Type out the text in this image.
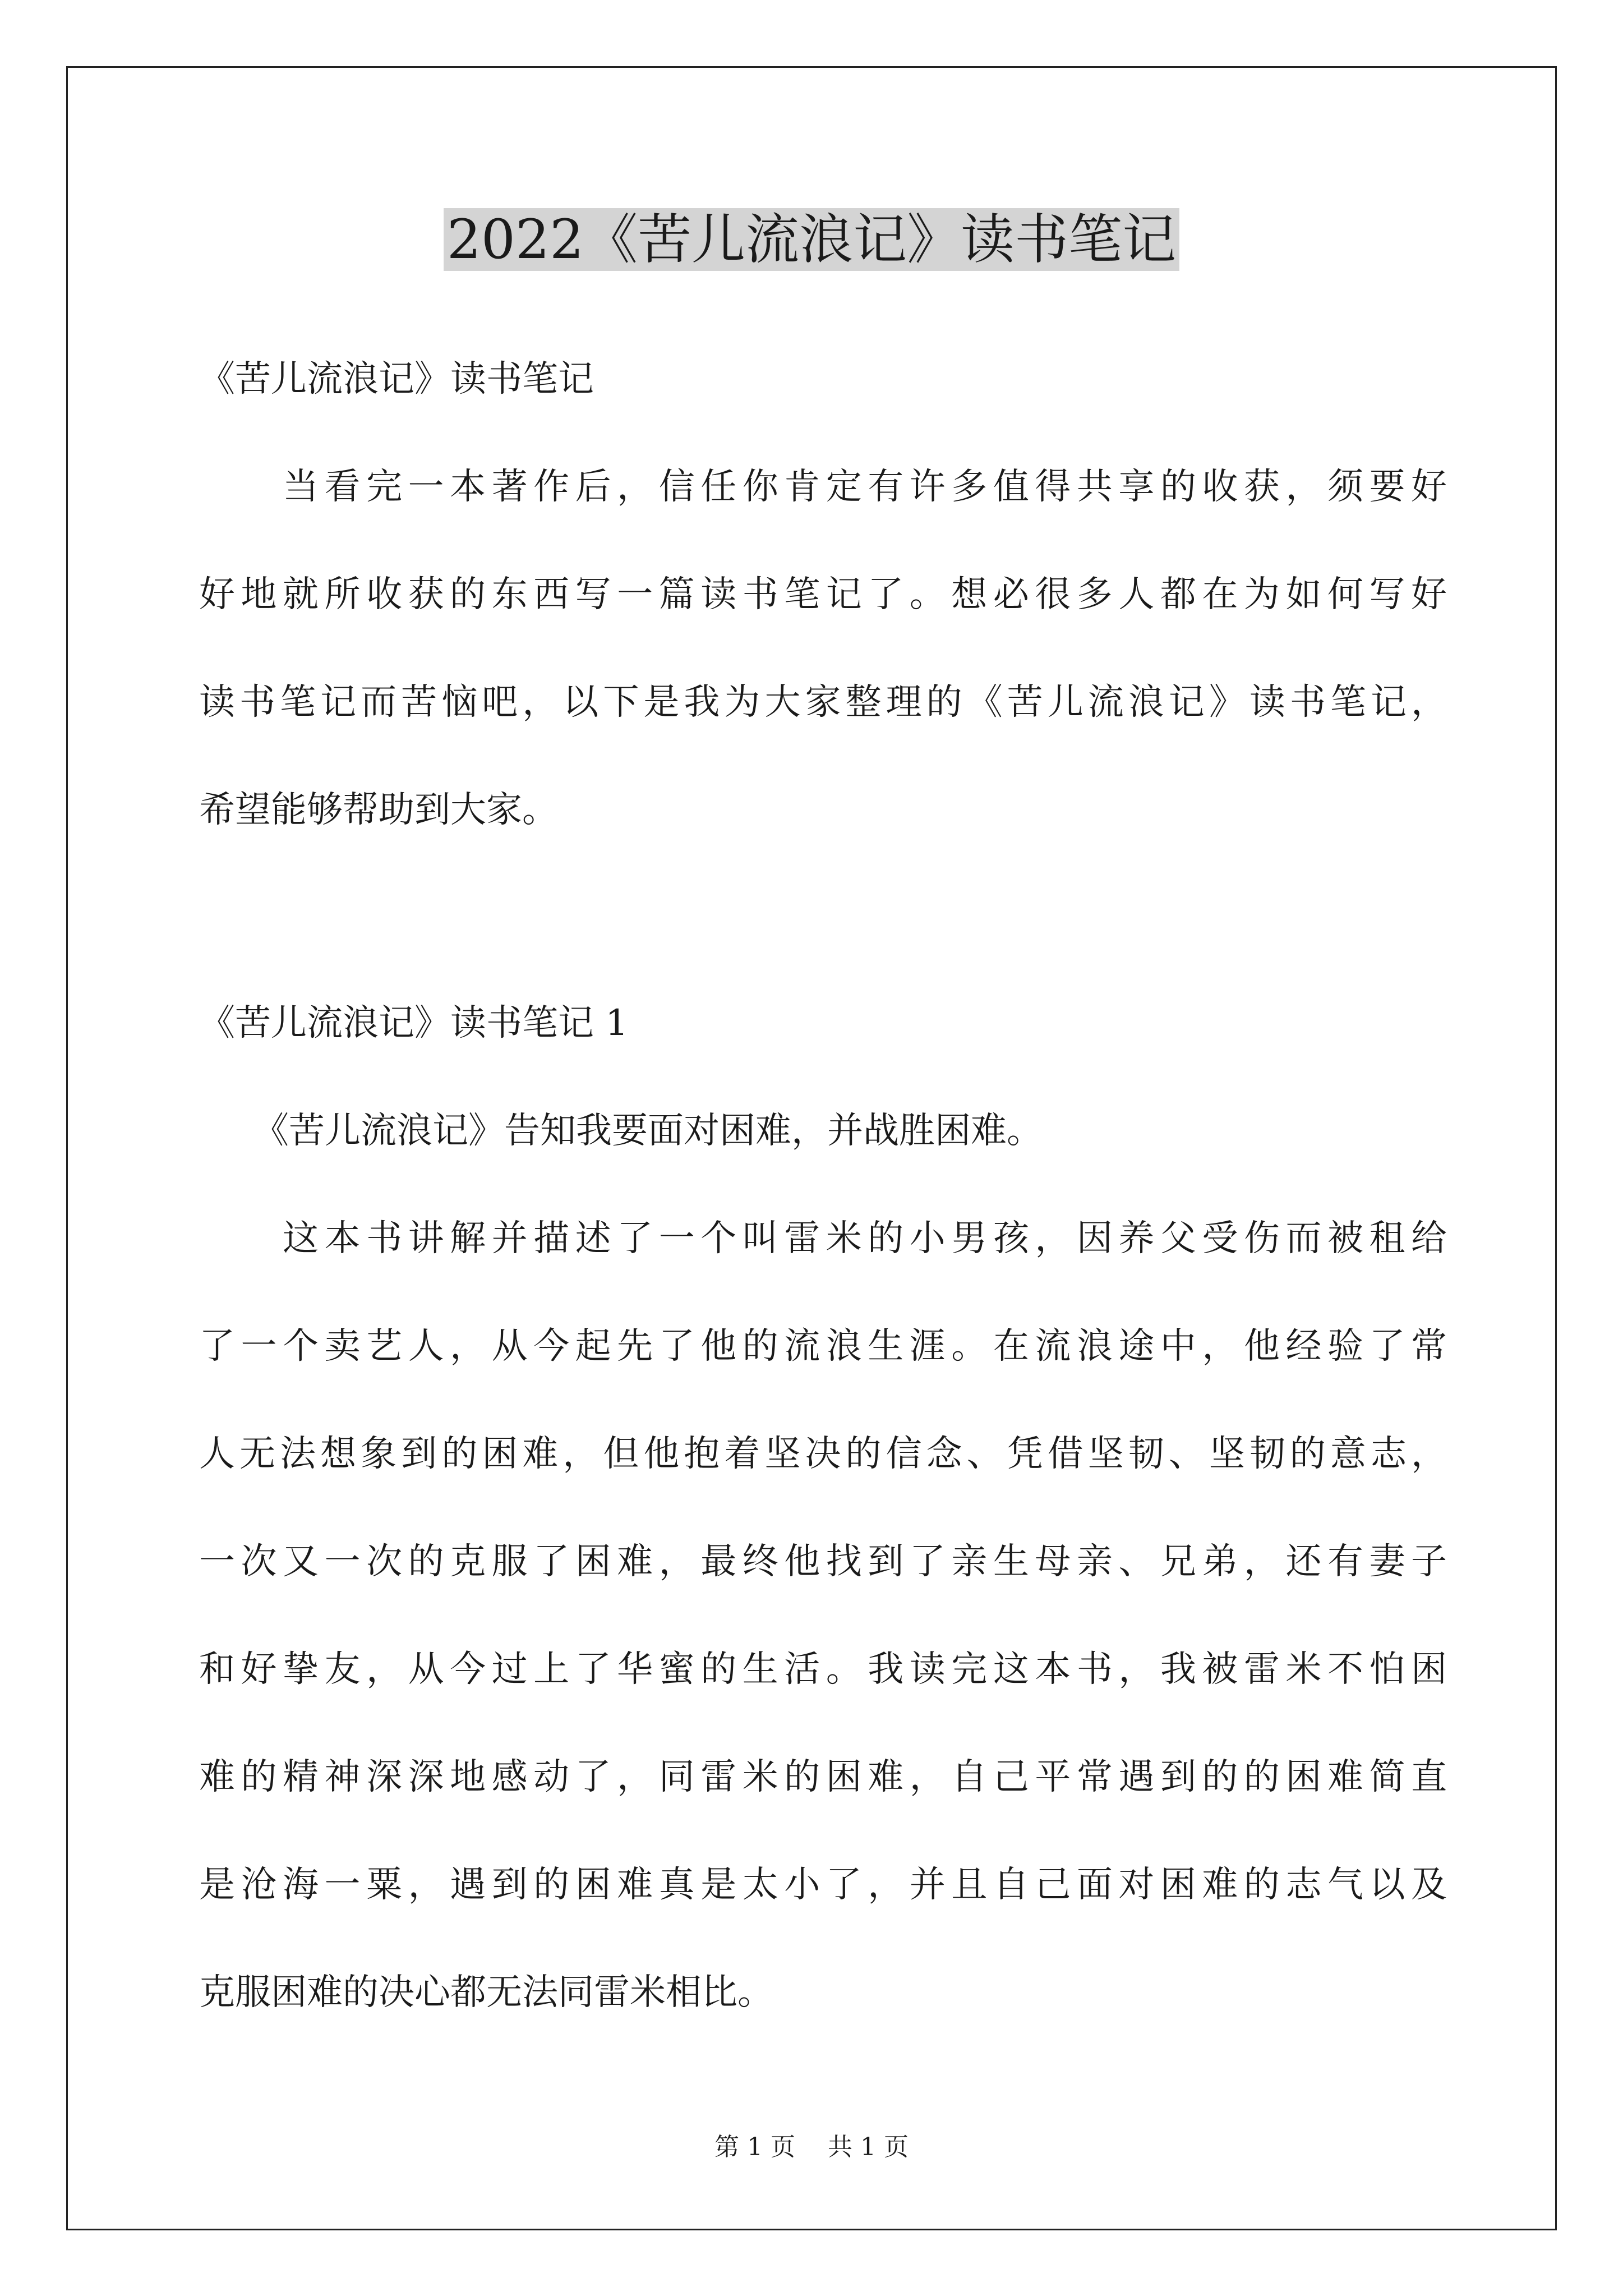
2022《苦儿流浪记》读书笔记
《苦儿流浪记》读书笔记
　　当看完一本著作后，信任你肯定有许多值得共享的收获，须要好
好地就所收获的东西写一篇读书笔记了。想必很多人都在为如何写好
读书笔记而苦恼吧，以下是我为大家整理的《苦儿流浪记》读书笔记，
希望能够帮助到大家。
《苦儿流浪记》读书笔记 1
　　《苦儿流浪记》告知我要面对困难，并战胜困难。
　　这本书讲解并描述了一个叫雷米的小男孩，因养父受伤而被租给
了一个卖艺人，从今起先了他的流浪生涯。在流浪途中，他经验了常
人无法想象到的困难，但他抱着坚决的信念、凭借坚韧、坚韧的意志，
一次又一次的克服了困难，最终他找到了亲生母亲、兄弟，还有妻子
和好挚友，从今过上了华蜜的生活。我读完这本书，我被雷米不怕困
难的精神深深地感动了，同雷米的困难，自己平常遇到的的困难简直
是沧海一粟，遇到的困难真是太小了，并且自己面对困难的志气以及
克服困难的决心都无法同雷米相比。
第 1 页　 共 1 页
